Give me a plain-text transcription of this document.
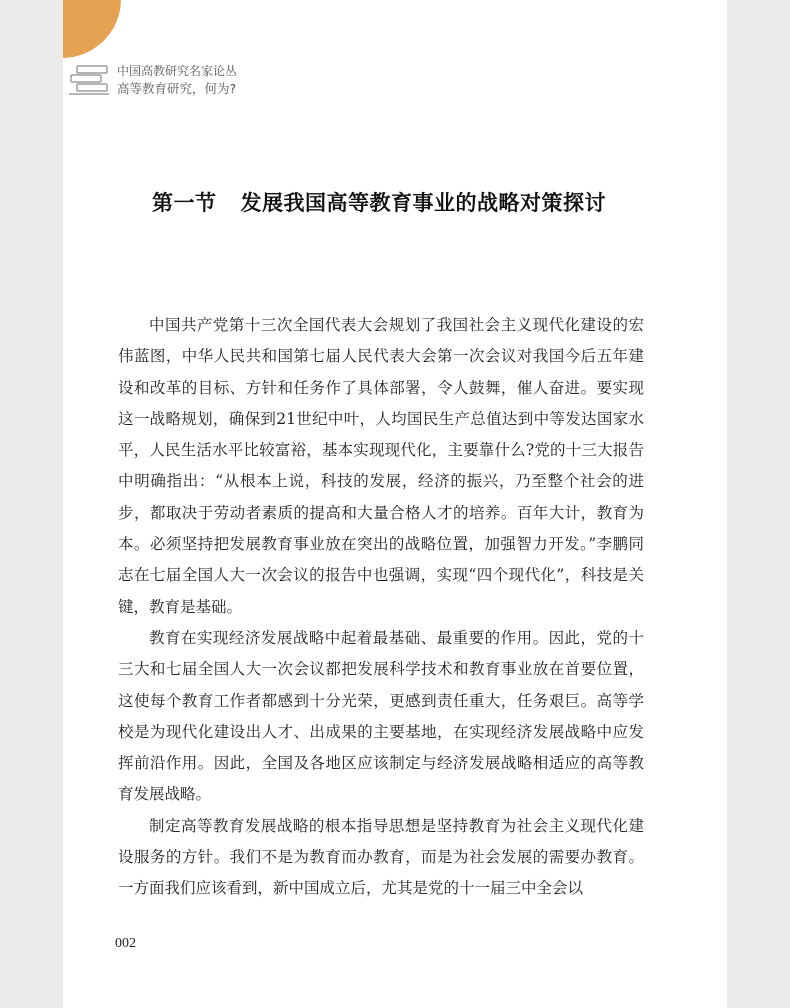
中国高教研究名家论丛
高等教育研究，何为?
第一节 发展我国高等教育事业的战略对策探讨

中国共产党第十三次全国代表大会规划了我国社会主义现代化建设的宏伟蓝图，中华人民共和国第七届人民代表大会第一次会议对我国今后五年建设和改革的目标、方针和任务作了具体部署，令人鼓舞，催人奋进。要实现这一战略规划，确保到21世纪中叶，人均国民生产总值达到中等发达国家水平，人民生活水平比较富裕，基本实现现代化，主要靠什么?党的十三大报告中明确指出：“从根本上说，科技的发展，经济的振兴，乃至整个社会的进步，都取决于劳动者素质的提高和大量合格人才的培养。百年大计，教育为本。必须坚持把发展教育事业放在突出的战略位置，加强智力开发。”李鹏同志在七届全国人大一次会议的报告中也强调，实现“四个现代化”，科技是关键，教育是基础。

教育在实现经济发展战略中起着最基础、最重要的作用。因此，党的十三大和七届全国人大一次会议都把发展科学技术和教育事业放在首要位置，这使每个教育工作者都感到十分光荣，更感到责任重大，任务艰巨。高等学校是为现代化建设出人才、出成果的主要基地，在实现经济发展战略中应发挥前沿作用。因此，全国及各地区应该制定与经济发展战略相适应的高等教育发展战略。

制定高等教育发展战略的根本指导思想是坚持教育为社会主义现代化建设服务的方针。我们不是为教育而办教育，而是为社会发展的需要办教育。一方面我们应该看到，新中国成立后，尤其是党的十一届三中全会以

002
